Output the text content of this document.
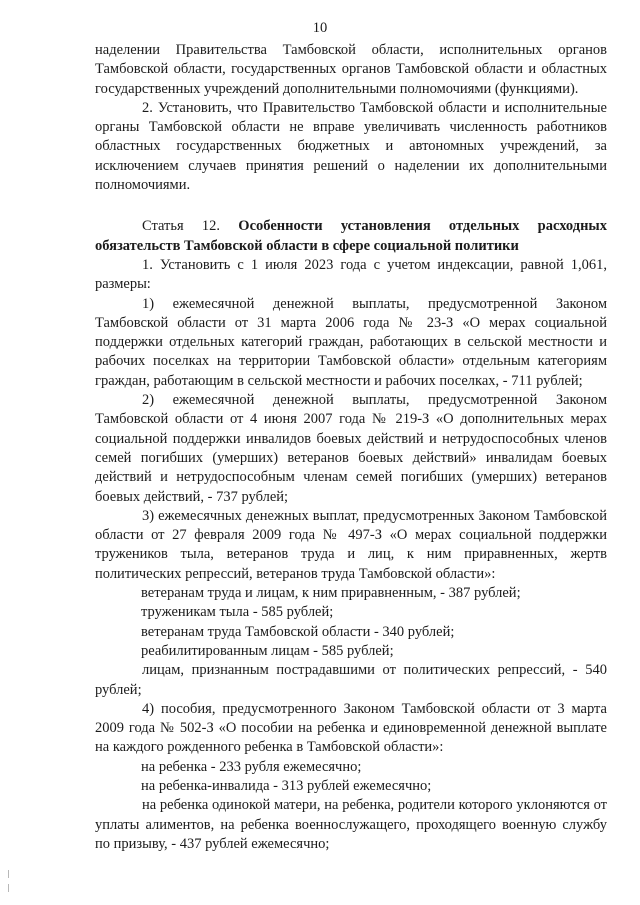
10

наделении Правительства Тамбовской области, исполнительных органов Тамбовской области, государственных органов Тамбовской области и областных государственных учреждений дополнительными полномочиями (функциями).

2. Установить, что Правительство Тамбовской области и исполнительные органы Тамбовской области не вправе увеличивать численность работников областных государственных бюджетных и автономных учреждений, за исключением случаев принятия решений о наделении их дополнительными полномочиями.

Статья 12. Особенности установления отдельных расходных обязательств Тамбовской области в сфере социальной политики

1. Установить с 1 июля 2023 года с учетом индексации, равной 1,061, размеры:

1) ежемесячной денежной выплаты, предусмотренной Законом Тамбовской области от 31 марта 2006 года № 23-З «О мерах социальной поддержки отдельных категорий граждан, работающих в сельской местности и рабочих поселках на территории Тамбовской области» отдельным категориям граждан, работающим в сельской местности и рабочих поселках, - 711 рублей;

2) ежемесячной денежной выплаты, предусмотренной Законом Тамбовской области от 4 июня 2007 года № 219-З «О дополнительных мерах социальной поддержки инвалидов боевых действий и нетрудоспособных членов семей погибших (умерших) ветеранов боевых действий» инвалидам боевых действий и нетрудоспособным членам семей погибших (умерших) ветеранов боевых действий, - 737 рублей;

3) ежемесячных денежных выплат, предусмотренных Законом Тамбовской области от 27 февраля 2009 года № 497-З «О мерах социальной поддержки тружеников тыла, ветеранов труда и лиц, к ним приравненных, жертв политических репрессий, ветеранов труда Тамбовской области»:

ветеранам труда и лицам, к ним приравненным, - 387 рублей;

труженикам тыла - 585 рублей;

ветеранам труда Тамбовской области - 340 рублей;

реабилитированным лицам - 585 рублей;

лицам, признанным пострадавшими от политических репрессий, - 540 рублей;

4) пособия, предусмотренного Законом Тамбовской области от 3 марта 2009 года № 502-З «О пособии на ребенка и единовременной денежной выплате на каждого рожденного ребенка в Тамбовской области»:

на ребенка - 233 рубля ежемесячно;

на ребенка-инвалида - 313 рублей ежемесячно;

на ребенка одинокой матери, на ребенка, родители которого уклоняются от уплаты алиментов, на ребенка военнослужащего, проходящего военную службу по призыву, - 437 рублей ежемесячно;
